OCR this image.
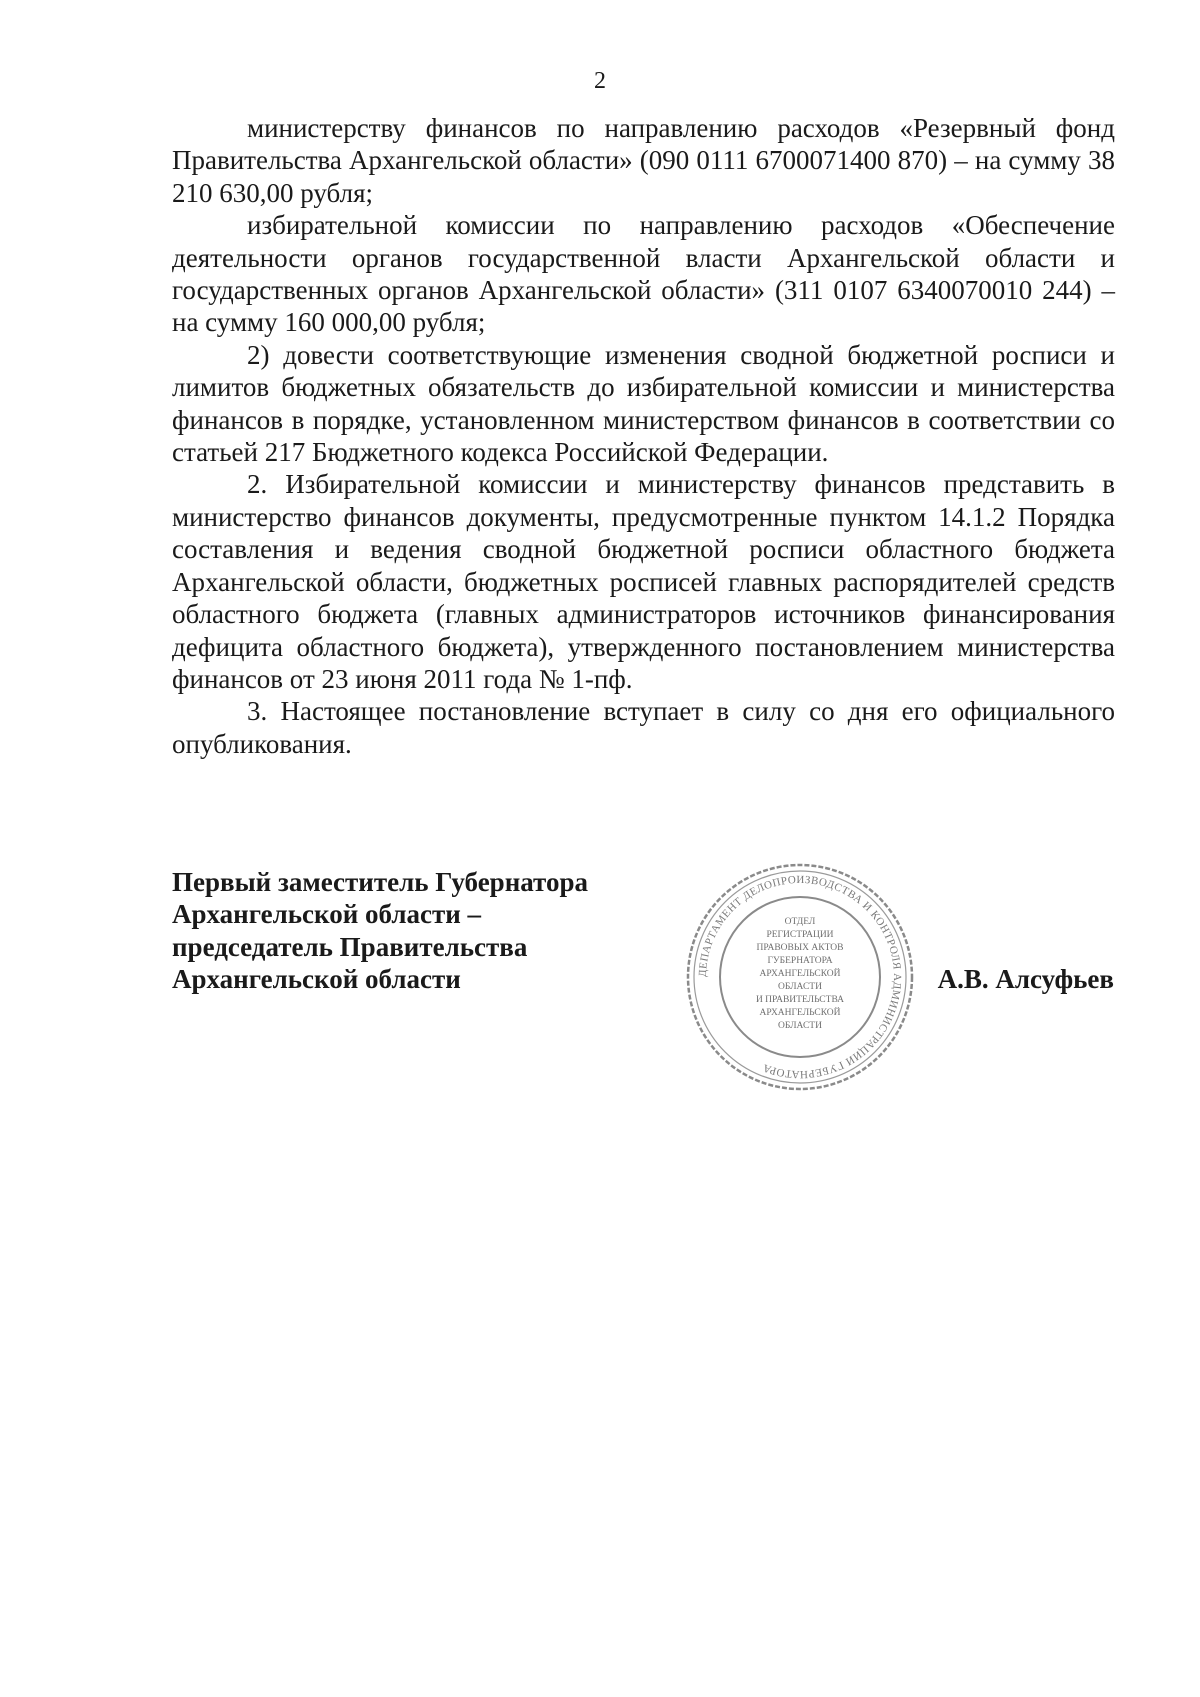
2

министерству финансов по направлению расходов «Резервный фонд Правительства Архангельской области» (090 0111 6700071400 870) – на сумму 38 210 630,00 рубля;

избирательной комиссии по направлению расходов «Обеспечение деятельности органов государственной власти Архангельской области и государственных органов Архангельской области» (311 0107 6340070010 244) – на сумму 160 000,00 рубля;

2) довести соответствующие изменения сводной бюджетной росписи и лимитов бюджетных обязательств до избирательной комиссии и министерства финансов в порядке, установленном министерством финансов в соответствии со статьей 217 Бюджетного кодекса Российской Федерации.

2. Избирательной комиссии и министерству финансов представить в министерство финансов документы, предусмотренные пунктом 14.1.2 Порядка составления и ведения сводной бюджетной росписи областного бюджета Архангельской области, бюджетных росписей главных распорядителей средств областного бюджета (главных администраторов источников финансирования дефицита областного бюджета), утвержденного постановлением министерства финансов от 23 июня 2011 года № 1-пф.

3. Настоящее постановление вступает в силу со дня его официального опубликования.

Первый заместитель Губернатора
Архангельской области –
председатель Правительства
Архангельской области	ДЕПАРТАМЕНТ ДЕЛОПРОИЗВОДСТВА И КОНТРОЛЯ АДМИНИСТРАЦИИ ГУБЕРНАТОРА
ОТДЕЛ
РЕГИСТРАЦИИ
ПРАВОВЫХ АКТОВ
ГУБЕРНАТОРА
АРХАНГЕЛЬСКОЙ
ОБЛАСТИ
И ПРАВИТЕЛЬСТВА
АРХАНГЕЛЬСКОЙ
ОБЛАСТИ
А.В. Алсуфьев
